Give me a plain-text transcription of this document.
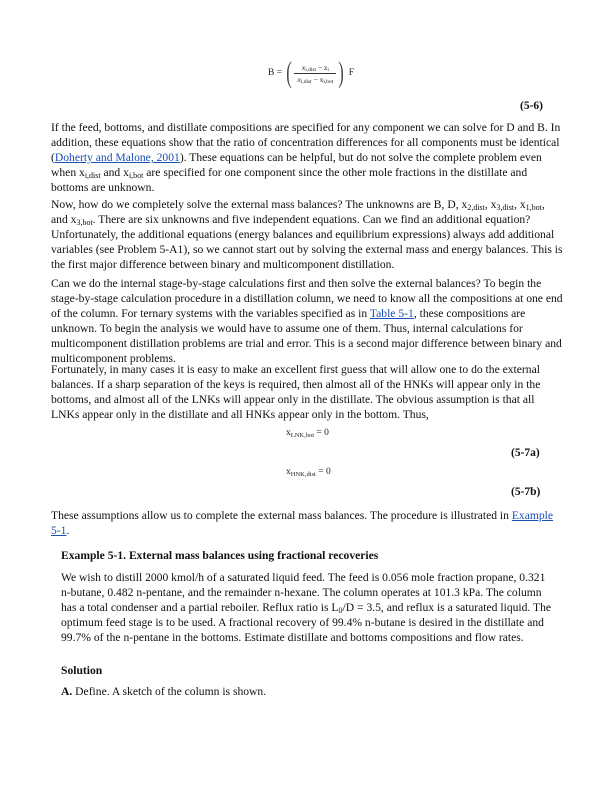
B = ( $\frac{x_{i,dist} - z_i}{x_{i,dist} - x_{i,bot}}$ ) F
(5-6)

If the feed, bottoms, and distillate compositions are specified for any component we can solve for D and B. In addition, these equations show that the ratio of concentration differences for all components must be identical (Doherty and Malone, 2001). These equations can be helpful, but do not solve the complete problem even when $x_{i,dist}$ and $x_{i,bot}$ are specified for one component since the other mole fractions in the distillate and bottoms are unknown.

Now, how do we completely solve the external mass balances? The unknowns are B, D, $x_{2,dist}$, $x_{3,dist}$, $x_{1,bot}$, and $x_{3,bot}$. There are six unknowns and five independent equations. Can we find an additional equation? Unfortunately, the additional equations (energy balances and equilibrium expressions) always add additional variables (see Problem 5-A1), so we cannot start out by solving the external mass and energy balances. This is the first major difference between binary and multicomponent distillation.

Can we do the internal stage-by-stage calculations first and then solve the external balances? To begin the stage-by-stage calculation procedure in a distillation column, we need to know all the compositions at one end of the column. For ternary systems with the variables specified as in Table 5-1, these compositions are unknown. To begin the analysis we would have to assume one of them. Thus, internal calculations for multicomponent distillation problems are trial and error. This is a second major difference between binary and multicomponent problems.

Fortunately, in many cases it is easy to make an excellent first guess that will allow one to do the external balances. If a sharp separation of the keys is required, then almost all of the HNKs will appear only in the bottoms, and almost all of the LNKs will appear only in the distillate. The obvious assumption is that all LNKs appear only in the distillate and all HNKs appear only in the bottom. Thus,

$x_{LNK,bot} = 0$
(5-7a)
$x_{HNK,dist} = 0$
(5-7b)

These assumptions allow us to complete the external mass balances. The procedure is illustrated in Example 5-1.

Example 5-1. External mass balances using fractional recoveries

We wish to distill 2000 kmol/h of a saturated liquid feed. The feed is 0.056 mole fraction propane, 0.321 n-butane, 0.482 n-pentane, and the remainder n-hexane. The column operates at 101.3 kPa. The column has a total condenser and a partial reboiler. Reflux ratio is $L_0/D = 3.5$, and reflux is a saturated liquid. The optimum feed stage is to be used. A fractional recovery of 99.4% n-butane is desired in the distillate and 99.7% of the n-pentane in the bottoms. Estimate distillate and bottoms compositions and flow rates.

Solution

A. Define. A sketch of the column is shown.
